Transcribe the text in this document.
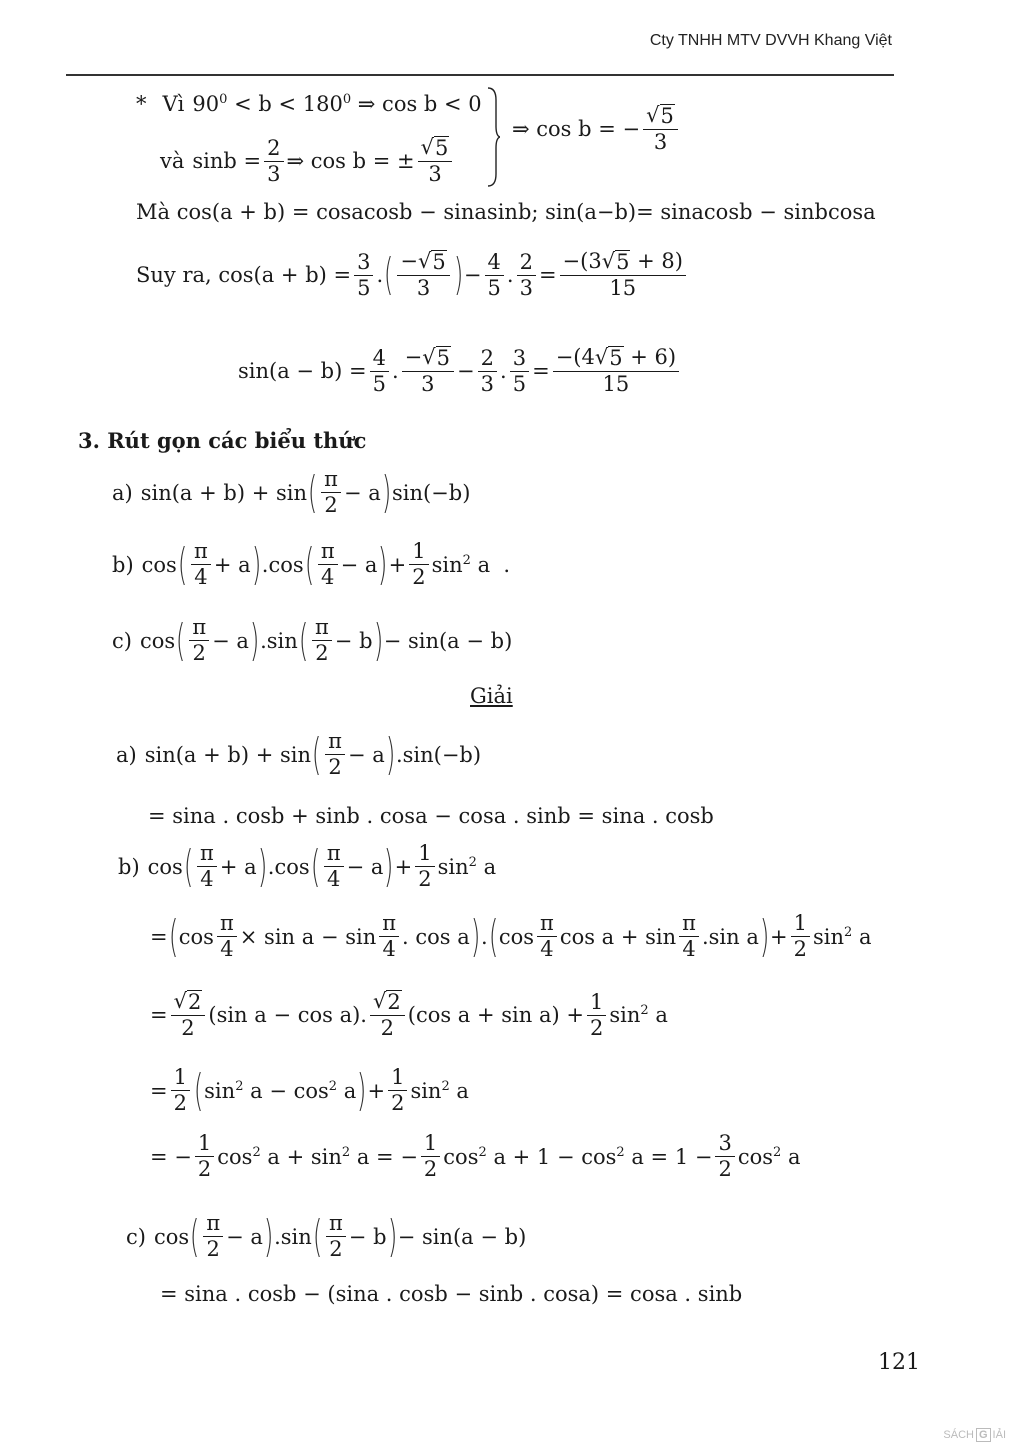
Cty TNHH MTV DVVH Khang Việt
* Vì $90^0 < b < 180^0$ ⇒ cos b < 0
và $\sin b = \frac{2}{3}$ ⇒ cos b = ± $\frac{√ 5}{3}$
⇒ cos b = − $\frac{√ 5}{3}$
Mà cos(a + b) = cosacosb − sinasinb; sin(a−b)= sinacosb − sinbcosa
Suy ra, $\cos(a + b) = \frac{3}{5}$ . ( − √ 5
3 ) − $\frac{4}{5}$ . $\frac{2}{3} = \frac{-(3 √ 5 + 8)}{15}$
$\sin(a - b) = \frac{4}{5}$ .
− √ 5
3
− $\frac{2}{3}$ . $\frac{3}{5} = \frac{-(4 √ 5 + 6)}{15}$
3. Rút gọn các biểu thức
a) sin(a + b) + sin ( π
2
− a ) sin(−b)
b) cos ( π
4
+ a ) .cos ( π
4
− a ) + $\frac{1}{2} \sin^2 a$  .
c) cos ( π
2
− a ) .sin ( π
2
− b ) − sin(a − b)
Giải
a) sin(a + b) + sin ( π
2
− a ) .sin(−b)
= sina . cosb + sinb . cosa − cosa . sinb = sina . cosb
b) cos ( π
4
+ a ) .cos ( π
4
− a ) + $\frac{1}{2} \sin^2 a$
= ( $\cos \frac{\pi}{4} \times \sin a - \sin$
π
4
. cos a ) . ( cos
π
4
cos a + sin
π
4
.sin a ) + $\frac{1}{2} \sin^2 a$
= $\frac{√ 2}{2} (\sin$ a − cos a).
√ 2
2
(cos $a + \sin a) + \frac{1}{2} \sin^2 a$
= $\frac{1}{2}$ ( $\sin^2 a - \cos^2 a$ ) + $\frac{1}{2} \sin^2 a$
= − $\frac{1}{2} \cos^2 a + \sin^2 a$ = − $\frac{1}{2} \cos^2 a + 1 - \cos^2 a = 1 - \frac{3}{2} \cos^2 a$
c) cos ( π
2
− a ) .sin ( π
2
− b ) − sin(a − b)
= sina . cosb − (sina . cosb − sinb . cosa) = cosa . sinb
121
SÁCH G IẢI
